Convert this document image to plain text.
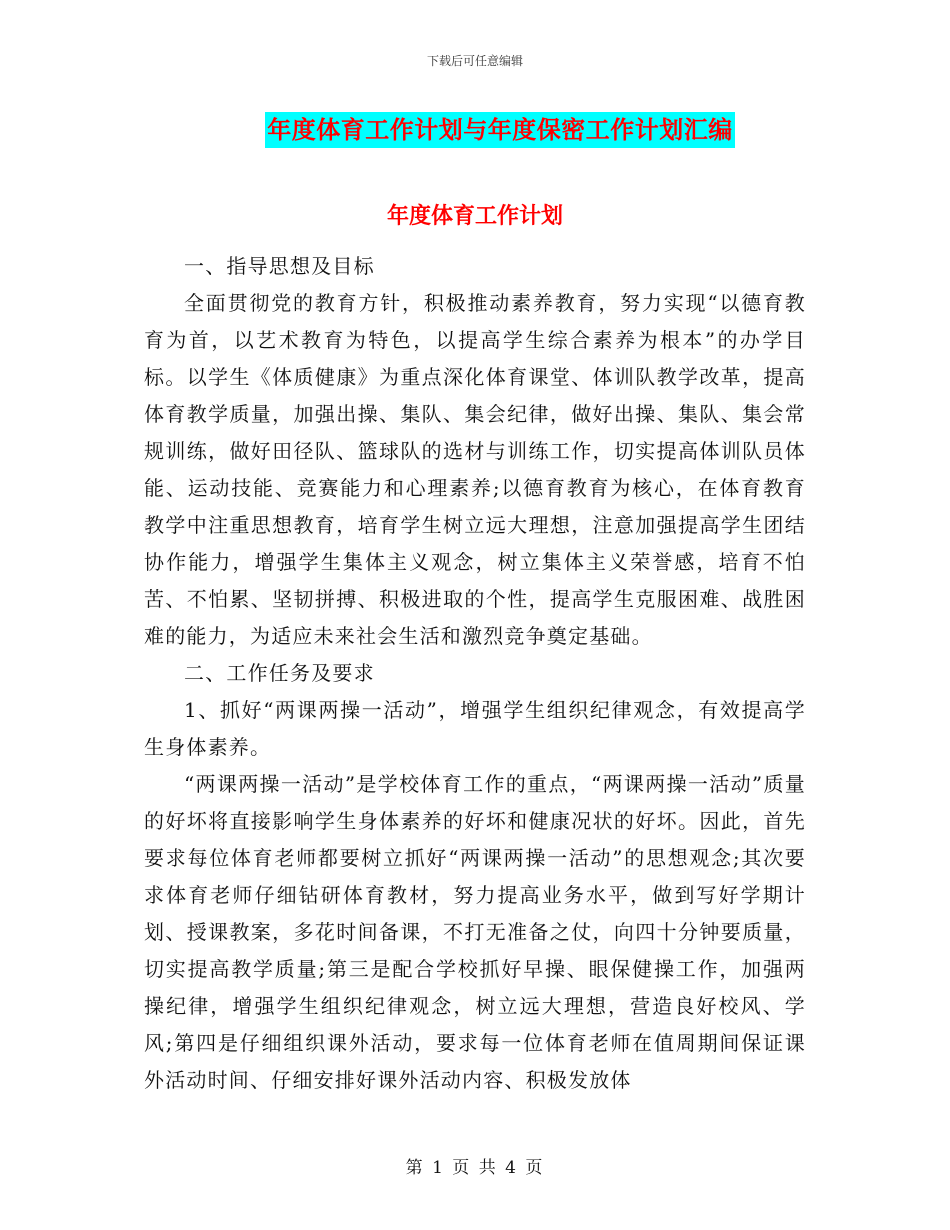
下载后可任意编辑
年度体育工作计划与年度保密工作计划汇编
年度体育工作计划

一、指导思想及目标

全面贯彻党的教育方针，积极推动素养教育，努力实现“以德育教育为首，以艺术教育为特色，以提高学生综合素养为根本”的办学目标。以学生《体质健康》为重点深化体育课堂、体训队教学改革，提高体育教学质量，加强出操、集队、集会纪律，做好出操、集队、集会常规训练，做好田径队、篮球队的选材与训练工作，切实提高体训队员体能、运动技能、竞赛能力和心理素养;以德育教育为核心，在体育教育教学中注重思想教育，培育学生树立远大理想，注意加强提高学生团结协作能力，增强学生集体主义观念，树立集体主义荣誉感，培育不怕苦、不怕累、坚韧拼搏、积极进取的个性，提高学生克服困难、战胜困难的能力，为适应未来社会生活和激烈竞争奠定基础。

二、工作任务及要求

1、抓好“两课两操一活动”，增强学生组织纪律观念，有效提高学生身体素养。

“两课两操一活动”是学校体育工作的重点，“两课两操一活动”质量的好坏将直接影响学生身体素养的好坏和健康况状的好坏。因此，首先要求每位体育老师都要树立抓好“两课两操一活动”的思想观念;其次要求体育老师仔细钻研体育教材，努力提高业务水平，做到写好学期计划、授课教案，多花时间备课，不打无准备之仗，向四十分钟要质量，切实提高教学质量;第三是配合学校抓好早操、眼保健操工作，加强两操纪律，增强学生组织纪律观念，树立远大理想，营造良好校风、学风;第四是仔细组织课外活动，要求每一位体育老师在值周期间保证课外活动时间、仔细安排好课外活动内容、积极发放体

第 1 页 共 4 页
